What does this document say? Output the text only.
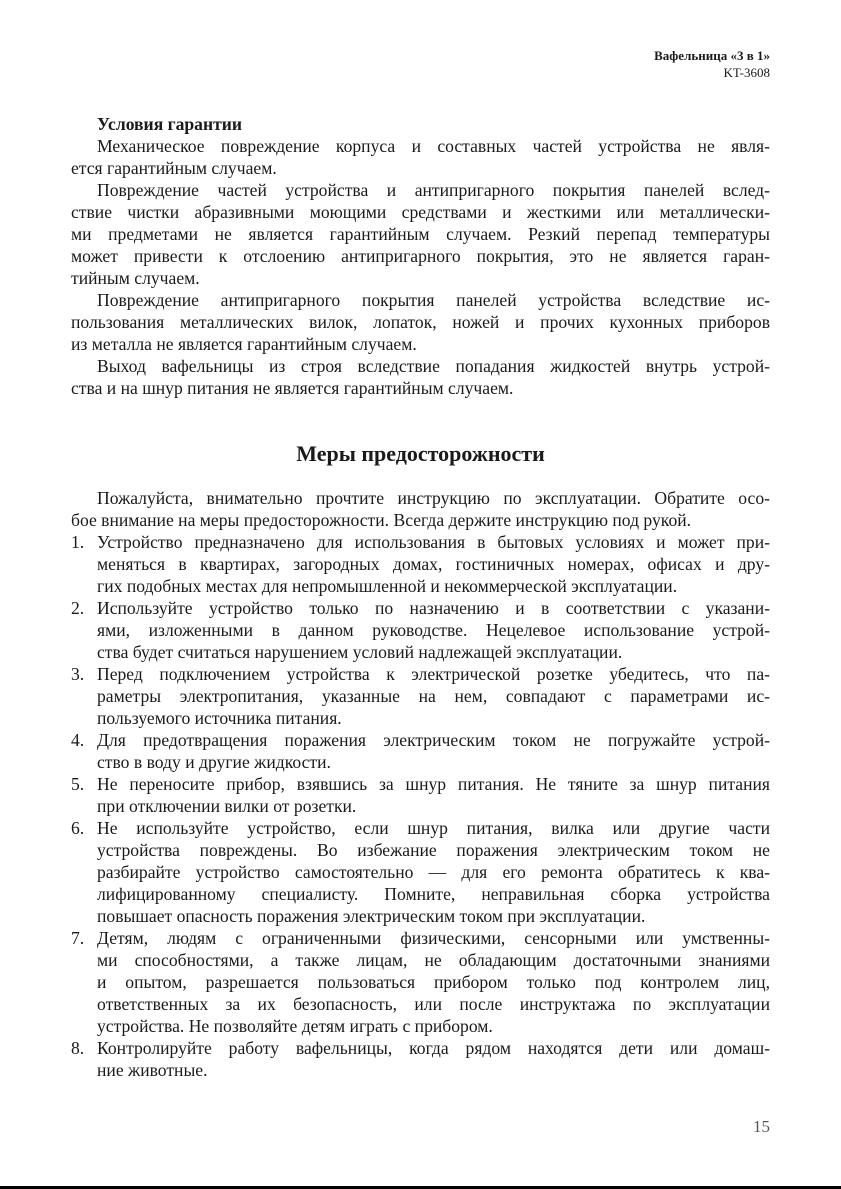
Вафельница «3 в 1»
KT-3608
Условия гарантии
Механическое повреждение корпуса и составных частей устройства не явля-
ется гарантийным случаем.
Повреждение частей устройства и антипригарного покрытия панелей вслед-
ствие чистки абразивными моющими средствами и жесткими или металлически-
ми предметами не является гарантийным случаем. Резкий перепад температуры
может привести к отслоению антипригарного покрытия, это не является гаран-
тийным случаем.
Повреждение антипригарного покрытия панелей устройства вследствие ис-
пользования металлических вилок, лопаток, ножей и прочих кухонных приборов
из металла не является гарантийным случаем.
Выход вафельницы из строя вследствие попадания жидкостей внутрь устрой-
ства и на шнур питания не является гарантийным случаем.
Меры предосторожности
Пожалуйста, внимательно прочтите инструкцию по эксплуатации. Обратите осо-
бое внимание на меры предосторожности. Всегда держите инструкцию под рукой.
1. Устройство предназначено для использования в бытовых условиях и может при-
меняться в квартирах, загородных домах, гостиничных номерах, офисах и дру-
гих подобных местах для непромышленной и некоммерческой эксплуатации.
2. Используйте устройство только по назначению и в соответствии с указани-
ями, изложенными в данном руководстве. Нецелевое использование устрой-
ства будет считаться нарушением условий надлежащей эксплуатации.
3. Перед подключением устройства к электрической розетке убедитесь, что па-
раметры электропитания, указанные на нем, совпадают с параметрами ис-
пользуемого источника питания.
4. Для предотвращения поражения электрическим током не погружайте устрой-
ство в воду и другие жидкости.
5. Не переносите прибор, взявшись за шнур питания. Не тяните за шнур питания
при отключении вилки от розетки.
6. Не используйте устройство, если шнур питания, вилка или другие части
устройства повреждены. Во избежание поражения электрическим током не
разбирайте устройство самостоятельно — для его ремонта обратитесь к ква-
лифицированному специалисту. Помните, неправильная сборка устройства
повышает опасность поражения электрическим током при эксплуатации.
7. Детям, людям с ограниченными физическими, сенсорными или умственны-
ми способностями, а также лицам, не обладающим достаточными знаниями
и опытом, разрешается пользоваться прибором только под контролем лиц,
ответственных за их безопасность, или после инструктажа по эксплуатации
устройства. Не позволяйте детям играть с прибором.
8. Контролируйте работу вафельницы, когда рядом находятся дети или домаш-
ние животные.
15
